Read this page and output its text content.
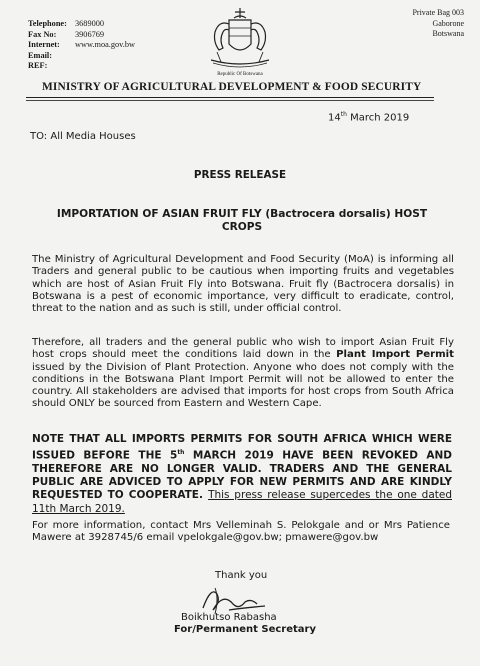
Telephone: 3689000
Fax No:	3906769
Internet:	www.moa.gov.bw
Email:
REF:
Republic Of Botswana
Private Bag 003
Gaborone
Botswana
MINISTRY OF AGRICULTURAL DEVELOPMENT & FOOD SECURITY
14th March 2019
TO: All Media Houses
PRESS RELEASE
IMPORTATION OF ASIAN FRUIT FLY (Bactrocera dorsalis) HOST CROPS
The Ministry of Agricultural Development and Food Security (MoA) is informing all Traders and general public to be cautious when importing fruits and vegetables which are host of Asian Fruit Fly into Botswana. Fruit fly (Bactrocera dorsalis) in Botswana is a pest of economic importance, very difficult to eradicate, control, threat to the nation and as such is still, under official control.
Therefore, all traders and the general public who wish to import Asian Fruit Fly host crops should meet the conditions laid down in the Plant Import Permit issued by the Division of Plant Protection. Anyone who does not comply with the conditions in the Botswana Plant Import Permit will not be allowed to enter the country. All stakeholders are advised that imports for host crops from South Africa should ONLY be sourced from Eastern and Western Cape.
NOTE THAT ALL IMPORTS PERMITS FOR SOUTH AFRICA WHICH WERE ISSUED BEFORE THE 5th MARCH 2019 HAVE BEEN REVOKED AND THEREFORE ARE NO LONGER VALID. TRADERS AND THE GENERAL PUBLIC ARE ADVICED TO APPLY FOR NEW PERMITS AND ARE KINDLY REQUESTED TO COOPERATE. This press release supercedes the one dated 11th March 2019.
For more information, contact Mrs Velleminah S. Pelokgale and or Mrs Patience Mawere at 3928745/6 email vpelokgale@gov.bw; pmawere@gov.bw
Thank you
Boikhutso Rabasha
For/Permanent Secretary
